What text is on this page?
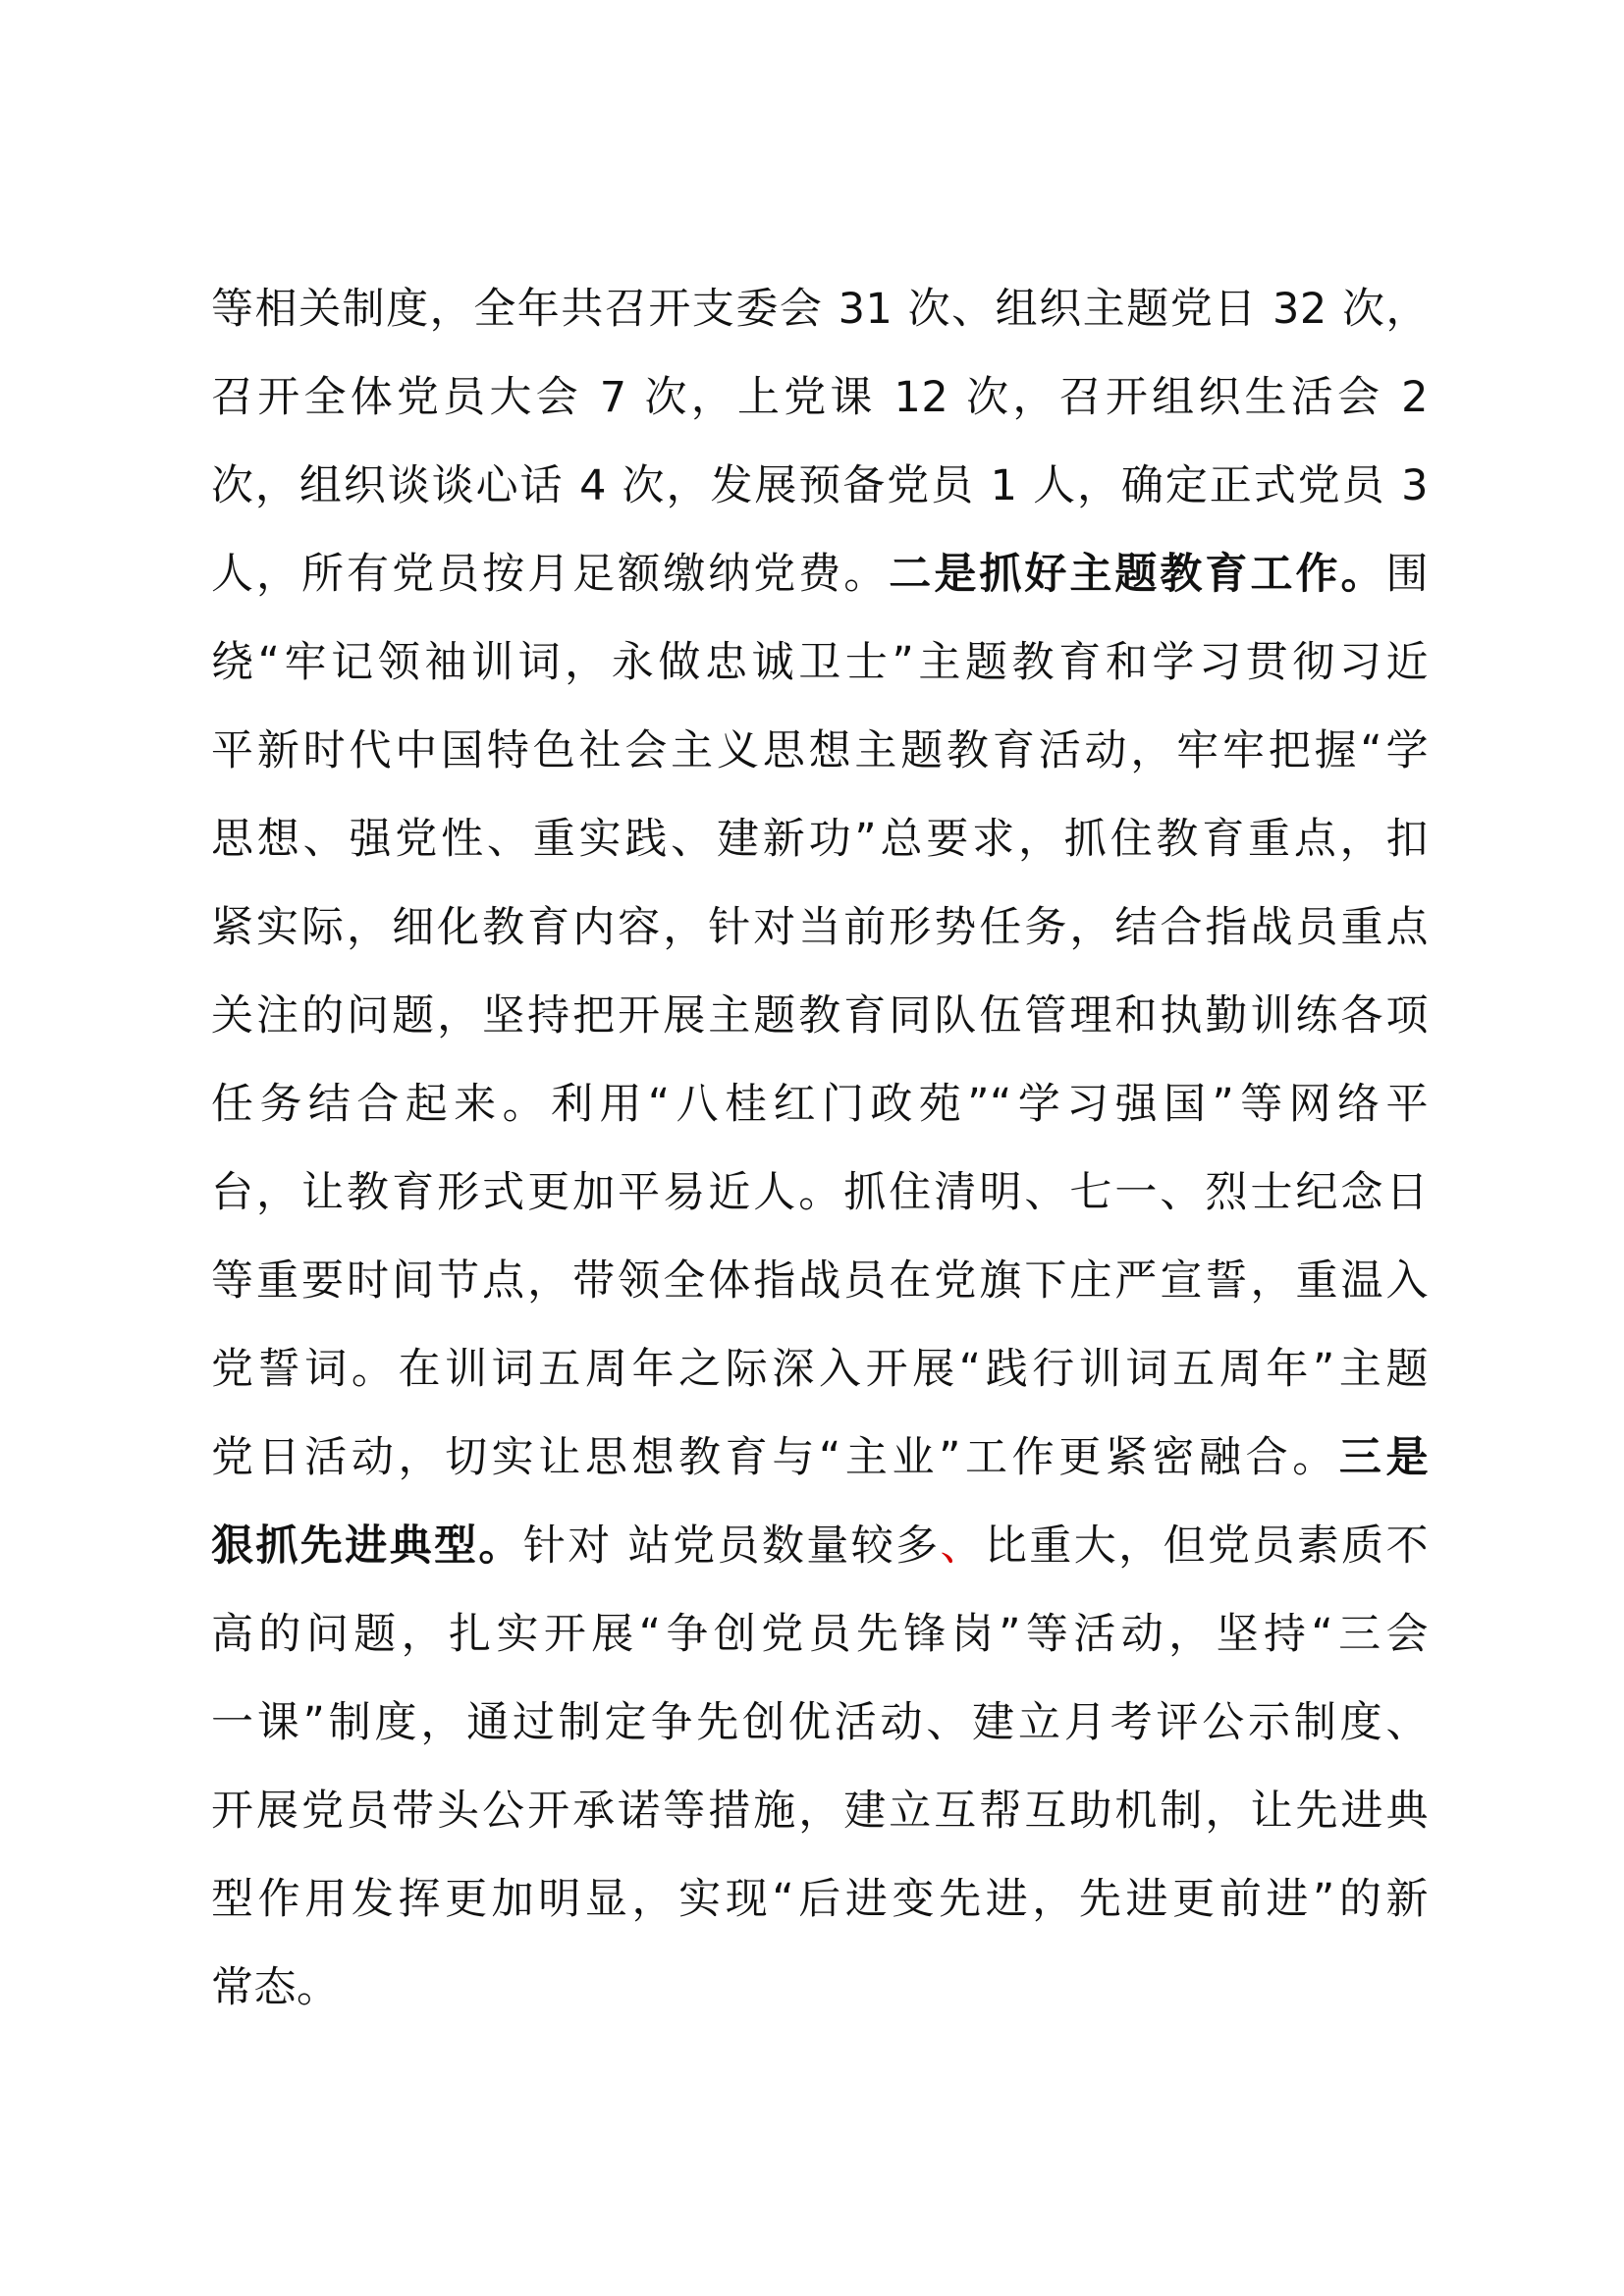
等相关制度，全年共召开支委会 31 次、组织主题党日 32 次，
召开全体党员大会 7 次，上党课 12 次，召开组织生活会 2
次，组织谈谈心话 4 次，发展预备党员 1 人，确定正式党员 3
人，所有党员按月足额缴纳党费。二是抓好主题教育工作。围
绕“牢记领袖训词，永做忠诚卫士”主题教育和学习贯彻习近
平新时代中国特色社会主义思想主题教育活动，牢牢把握“学
思想、强党性、重实践、建新功”总要求，抓住教育重点，扣
紧实际，细化教育内容，针对当前形势任务，结合指战员重点
关注的问题，坚持把开展主题教育同队伍管理和执勤训练各项
任务结合起来。利用“八桂红门政苑”“学习强国”等网络平
台，让教育形式更加平易近人。抓住清明、七一、烈士纪念日
等重要时间节点，带领全体指战员在党旗下庄严宣誓，重温入
党誓词。在训词五周年之际深入开展“践行训词五周年”主题
党日活动，切实让思想教育与“主业”工作更紧密融合。三是
狠抓先进典型。针对 站党员数量较多、比重大，但党员素质不
高的问题，扎实开展“争创党员先锋岗”等活动，坚持“三会
一课”制度，通过制定争先创优活动、建立月考评公示制度、
开展党员带头公开承诺等措施，建立互帮互助机制，让先进典
型作用发挥更加明显，实现“后进变先进，先进更前进”的新
常态。
